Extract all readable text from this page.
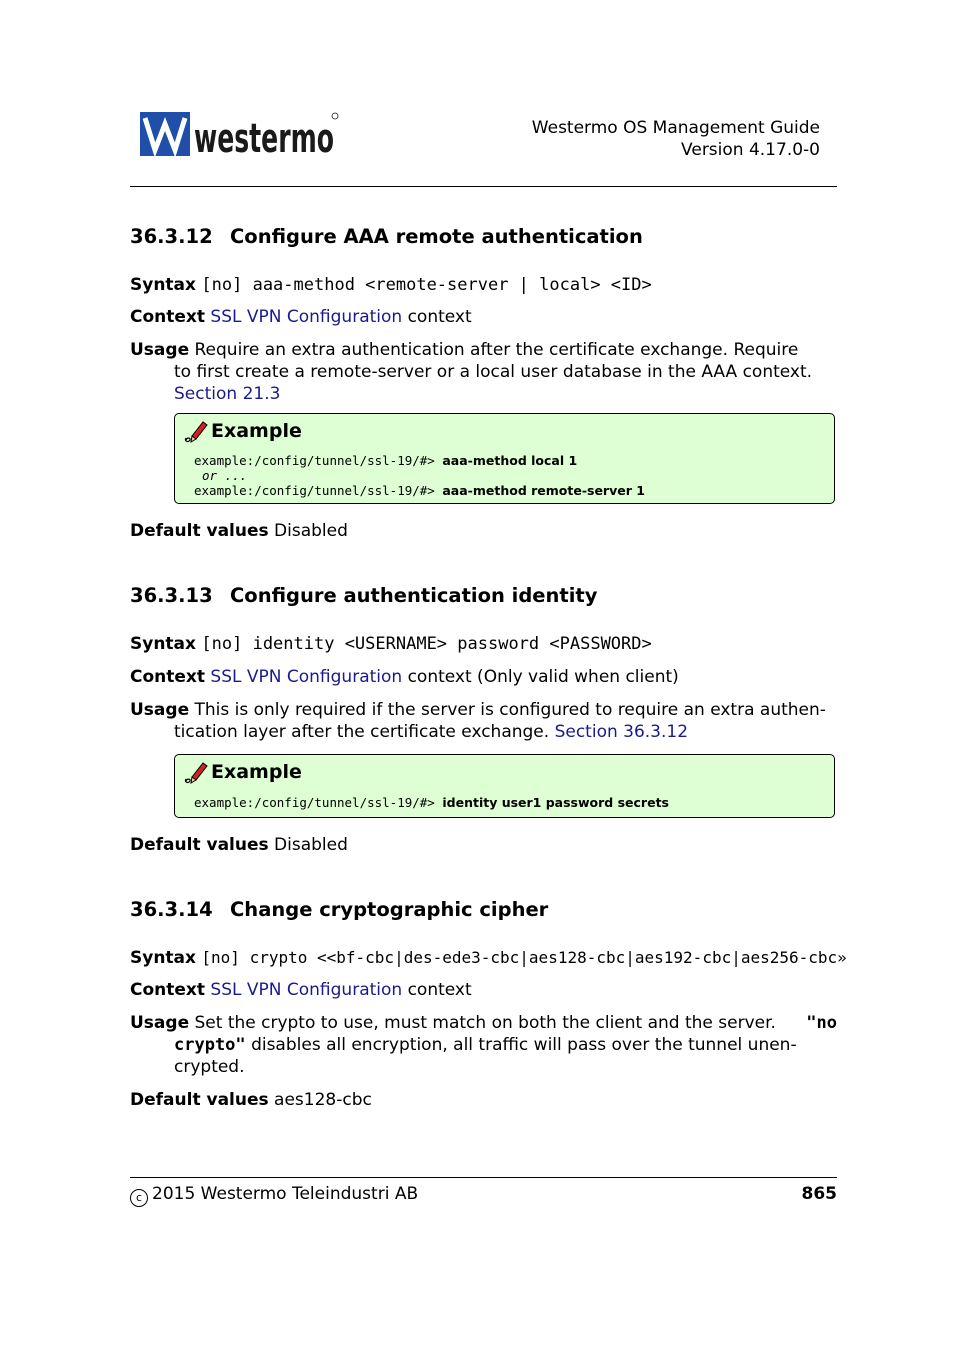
westermo	Westermo OS Management Guide
Version 4.17.0-0
36.3.12 Configure AAA remote authentication
Syntax [no] aaa-method <remote-server | local> <ID>
Context SSL VPN Configuration context
Usage Require an extra authentication after the certificate exchange. Require
to first create a remote-server or a local user database in the AAA context.
Section 21.3
Example
example:/config/tunnel/ssl-19/#> aaa-method local 1
or ...
example:/config/tunnel/ssl-19/#> aaa-method remote-server 1
Default values Disabled
36.3.13 Configure authentication identity
Syntax [no] identity <USERNAME> password <PASSWORD>
Context SSL VPN Configuration context (Only valid when client)
Usage This is only required if the server is configured to require an extra authen-
tication layer after the certificate exchange. Section 36.3.12
Example
example:/config/tunnel/ssl-19/#> identity user1 password secrets
Default values Disabled
36.3.14 Change cryptographic cipher
Syntax [no] crypto <<bf-cbc|des-ede3-cbc|aes128-cbc|aes192-cbc|aes256-cbc»
Context SSL VPN Configuration context
Usage Set the crypto to use, must match on both the client and the server. "no
crypto" disables all encryption, all traffic will pass over the tunnel unen-
crypted.
Default values aes128-cbc
c 2015 Westermo Teleindustri AB	865
